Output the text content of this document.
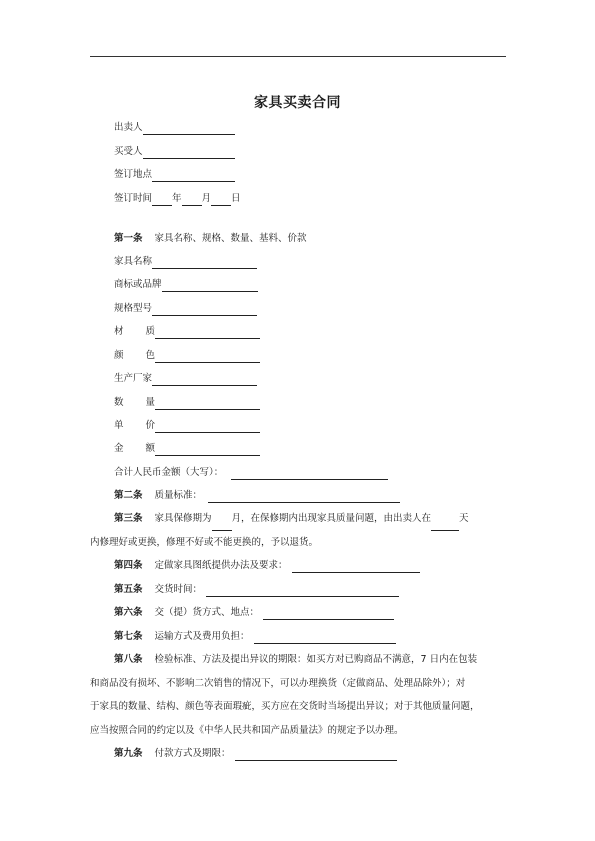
家具买卖合同
出卖人
买受人
签订地点
签订时间 年 月 日
第一条 家具名称、规格、数量、基料、价款
家具名称
商标或品牌
规格型号
材　质
颜　色
生产厂家
数　量
单　价
金　额
合计人民币金额（大写）：
第二条 质量标准：
第三条 家具保修期为 月，在保修期内出现家具质量问题，由出卖人在	天
内修理好或更换，修理不好或不能更换的，予以退货。
第四条 定做家具图纸提供办法及要求：
第五条 交货时间：
第六条 交（提）货方式、地点：
第七条 运输方式及费用负担：
第八条 检验标准、方法及提出异议的期限：如买方对已购商品不满意，7 日内在包装
和商品没有损坏、不影响二次销售的情况下，可以办理换货（定做商品、处理品除外）；对
于家具的数量、结构、颜色等表面瑕疵，买方应在交货时当场提出异议；对于其他质量问题，
应当按照合同的约定以及《中华人民共和国产品质量法》的规定予以办理。
第九条 付款方式及期限：
